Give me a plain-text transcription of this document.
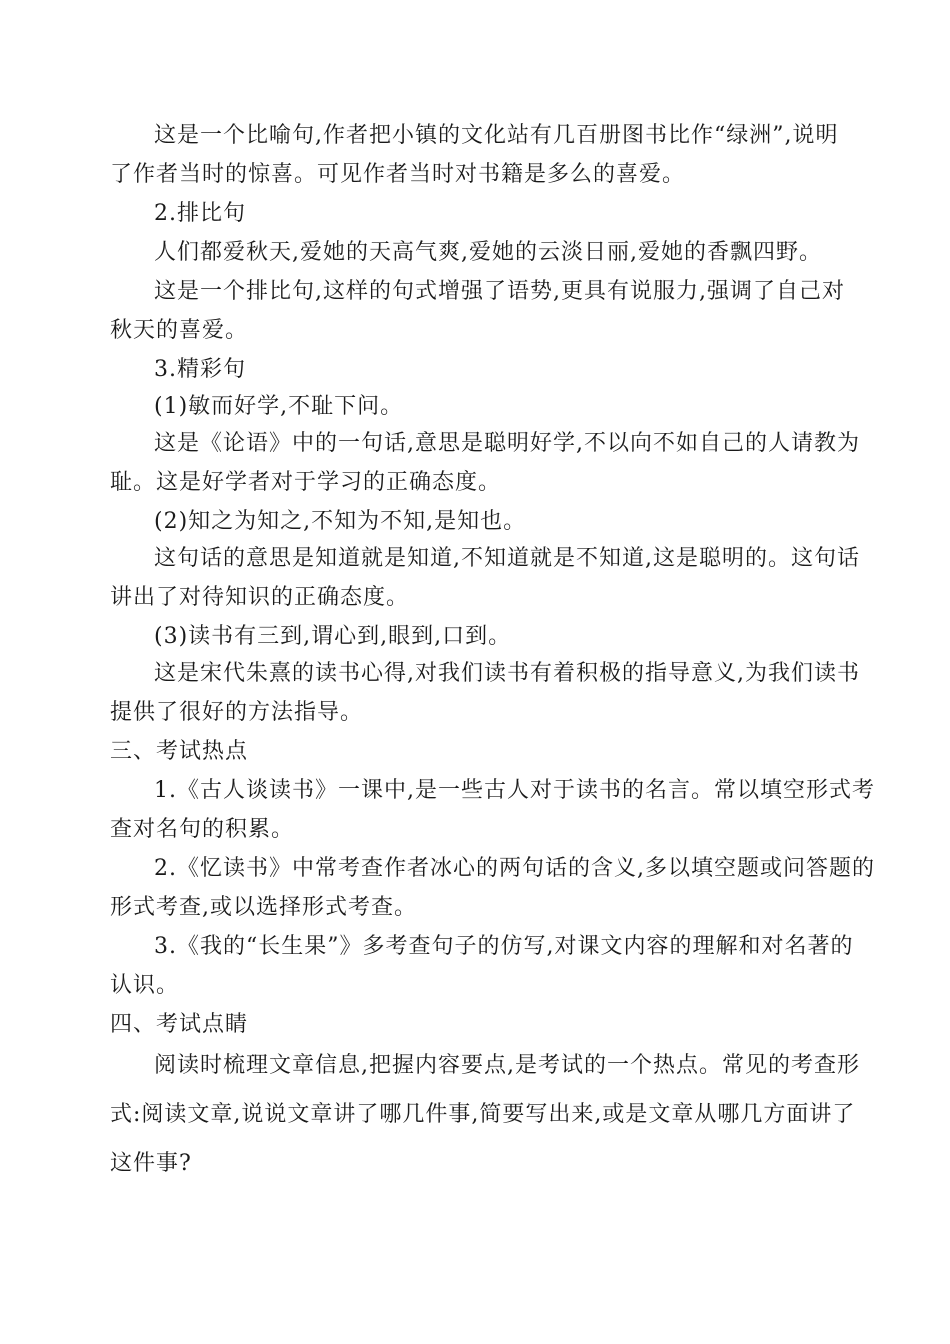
这是一个比喻句,作者把小镇的文化站有几百册图书比作“绿洲”,说明
了作者当时的惊喜。可见作者当时对书籍是多么的喜爱。
2.排比句
人们都爱秋天,爱她的天高气爽,爱她的云淡日丽,爱她的香飘四野。
这是一个排比句,这样的句式增强了语势,更具有说服力,强调了自己对
秋天的喜爱。
3.精彩句
(1)敏而好学,不耻下问。
这是《论语》中的一句话,意思是聪明好学,不以向不如自己的人请教为
耻。这是好学者对于学习的正确态度。
(2)知之为知之,不知为不知,是知也。
这句话的意思是知道就是知道,不知道就是不知道,这是聪明的。这句话
讲出了对待知识的正确态度。
(3)读书有三到,谓心到,眼到,口到。
这是宋代朱熹的读书心得,对我们读书有着积极的指导意义,为我们读书
提供了很好的方法指导。
三、考试热点
1.《古人谈读书》一课中,是一些古人对于读书的名言。常以填空形式考
查对名句的积累。
2.《忆读书》中常考查作者冰心的两句话的含义,多以填空题或问答题的
形式考查,或以选择形式考查。
3.《我的“长生果”》多考查句子的仿写,对课文内容的理解和对名著的
认识。
四、考试点睛
阅读时梳理文章信息,把握内容要点,是考试的一个热点。常见的考查形
式:阅读文章,说说文章讲了哪几件事,简要写出来,或是文章从哪几方面讲了
这件事?
